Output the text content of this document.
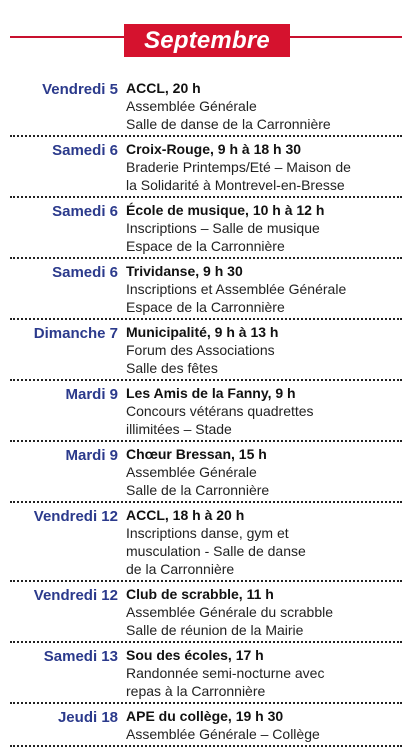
Septembre
Vendredi 5 ACCL, 20 h
Assemblée Générale
Salle de danse de la Carronnière
Samedi 6 Croix-Rouge, 9 h à 18 h 30
Braderie Printemps/Eté – Maison de
la Solidarité à Montrevel-en-Bresse
Samedi 6 École de musique, 10 h à 12 h
Inscriptions – Salle de musique
Espace de la Carronnière
Samedi 6 Trividanse, 9 h 30
Inscriptions et Assemblée Générale
Espace de la Carronnière
Dimanche 7 Municipalité, 9 h à 13 h
Forum des Associations
Salle des fêtes
Mardi 9 Les Amis de la Fanny, 9 h
Concours vétérans quadrettes
illimitées – Stade
Mardi 9 Chœur Bressan, 15 h
Assemblée Générale
Salle de la Carronnière
Vendredi 12 ACCL, 18 h à 20 h
Inscriptions danse, gym et
musculation - Salle de danse
de la Carronnière
Vendredi 12 Club de scrabble, 11 h
Assemblée Générale du scrabble
Salle de réunion de la Mairie
Samedi 13 Sou des écoles, 17 h
Randonnée semi-nocturne avec
repas à la Carronnière
Jeudi 18 APE du collège, 19 h 30
Assemblée Générale – Collège
